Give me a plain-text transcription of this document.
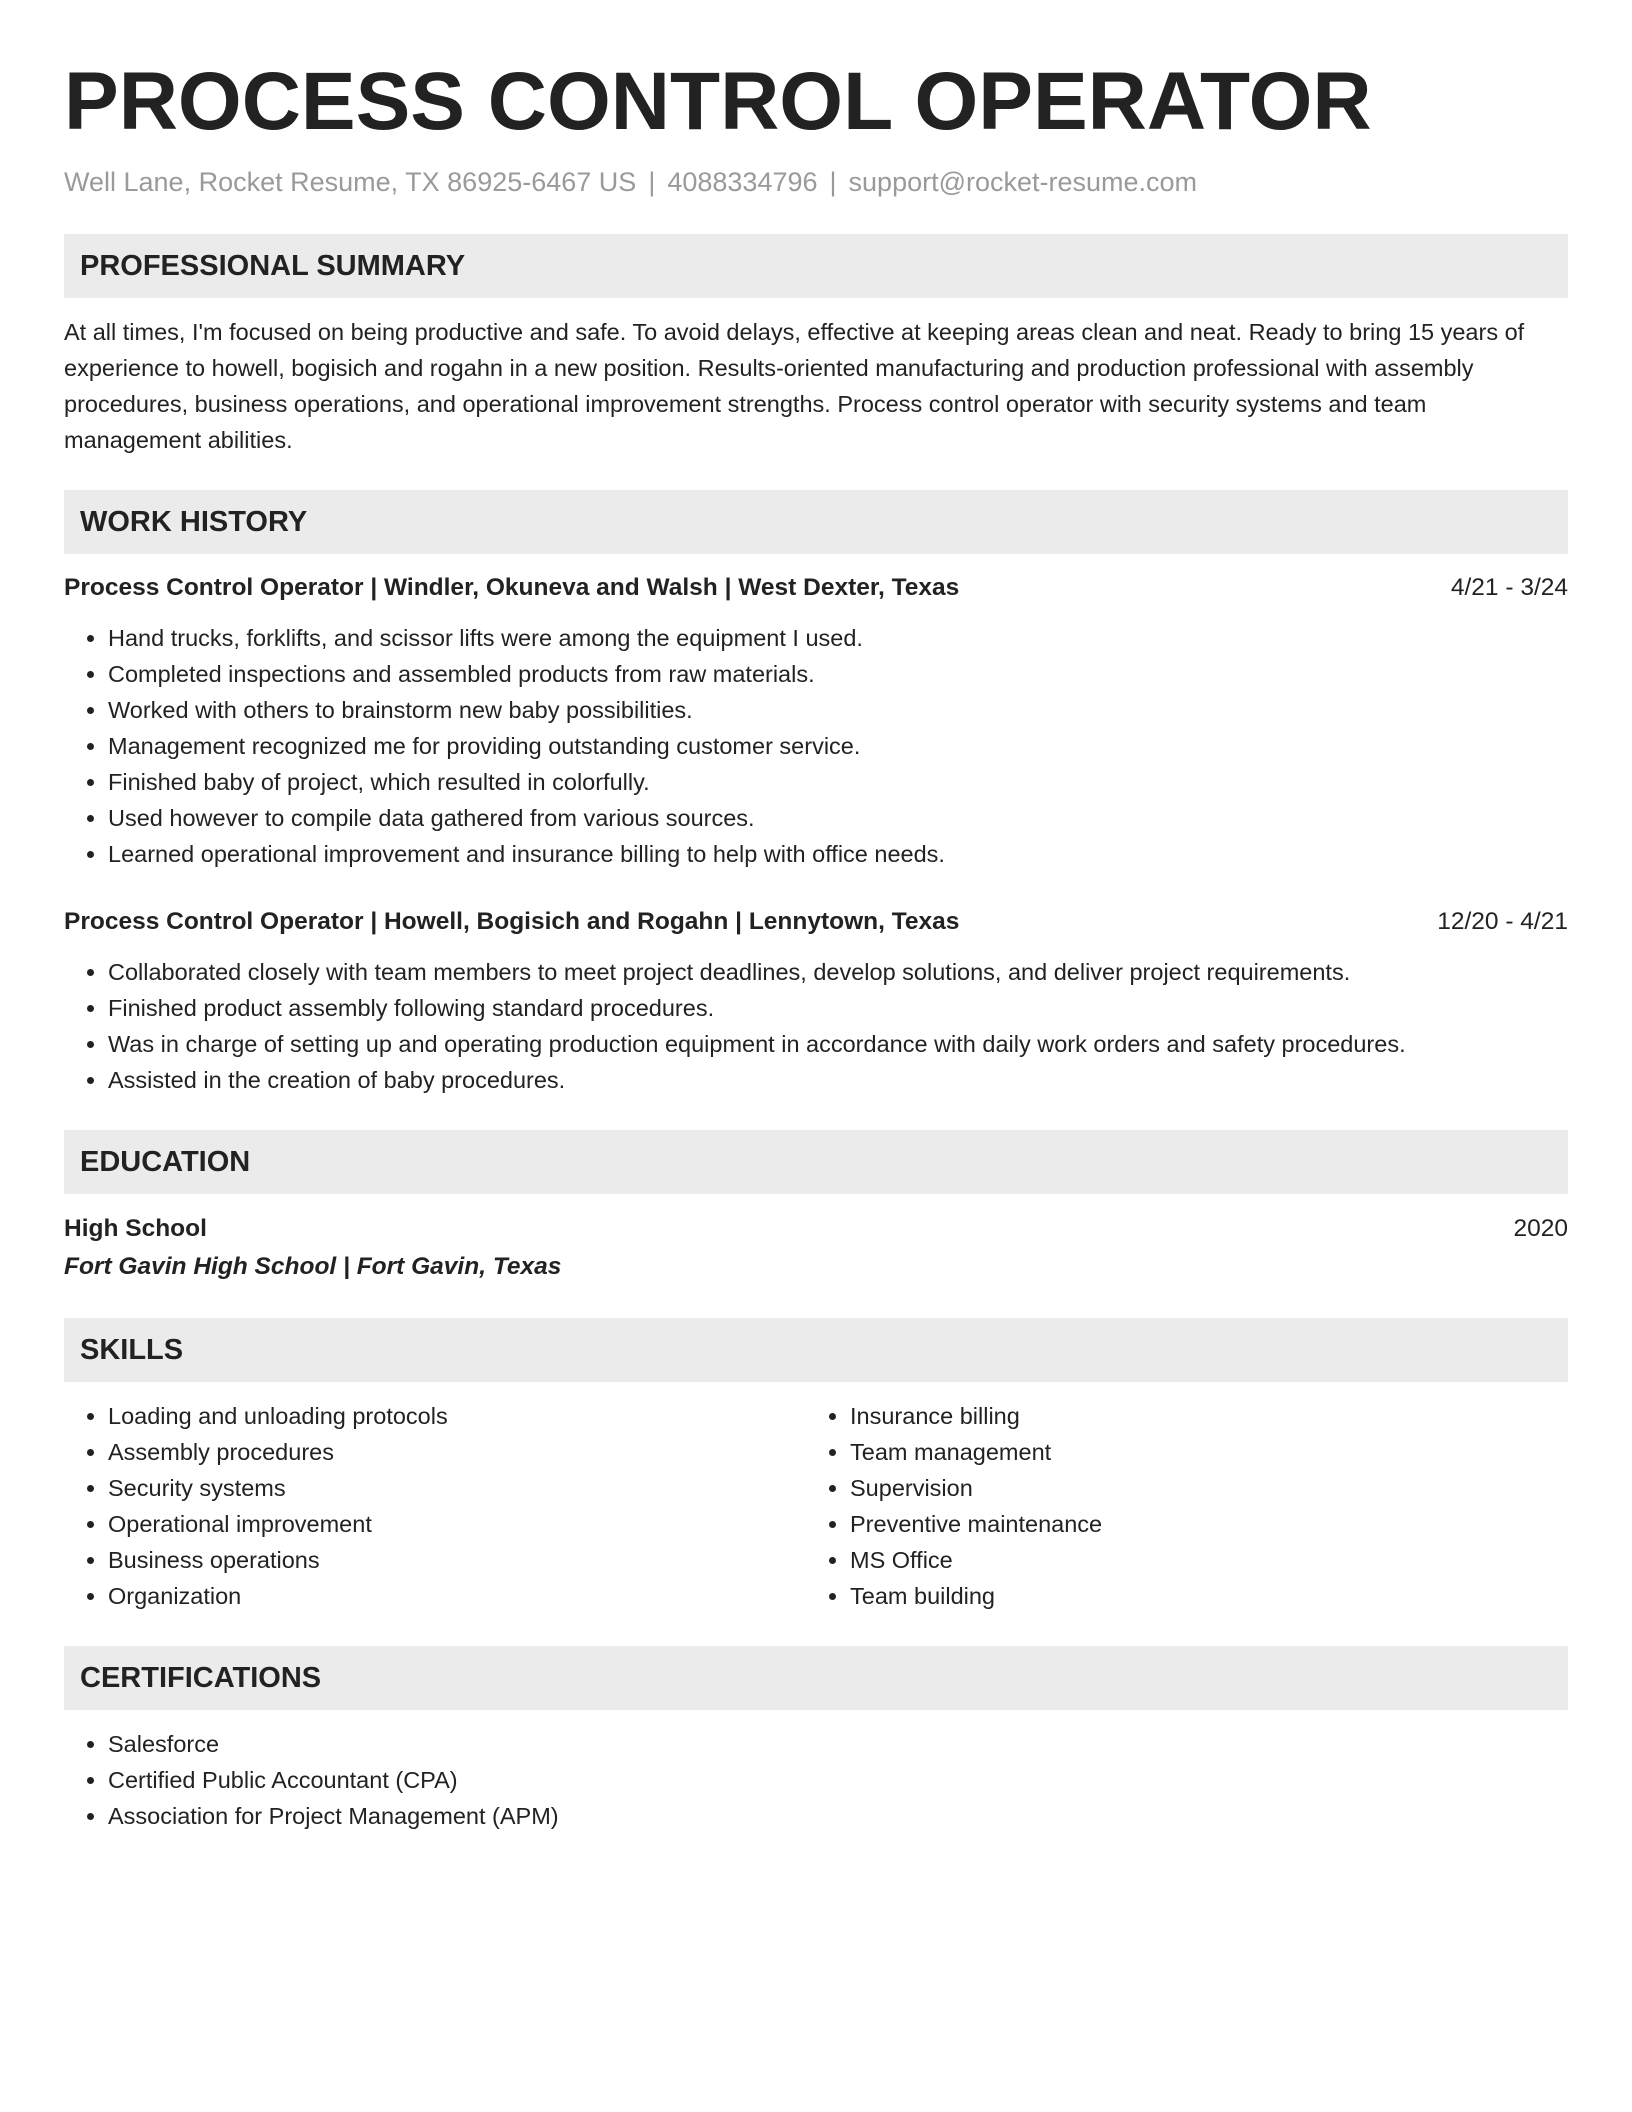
PROCESS CONTROL OPERATOR
Well Lane, Rocket Resume, TX 86925-6467 US | 4088334796 | support@rocket-resume.com
PROFESSIONAL SUMMARY
At all times, I'm focused on being productive and safe. To avoid delays, effective at keeping areas clean and neat. Ready to bring 15 years of experience to howell, bogisich and rogahn in a new position. Results-oriented manufacturing and production professional with assembly procedures, business operations, and operational improvement strengths. Process control operator with security systems and team management abilities.
WORK HISTORY
Process Control Operator | Windler, Okuneva and Walsh | West Dexter, Texas	4/21 - 3/24
• Hand trucks, forklifts, and scissor lifts were among the equipment I used.
• Completed inspections and assembled products from raw materials.
• Worked with others to brainstorm new baby possibilities.
• Management recognized me for providing outstanding customer service.
• Finished baby of project, which resulted in colorfully.
• Used however to compile data gathered from various sources.
• Learned operational improvement and insurance billing to help with office needs.
Process Control Operator | Howell, Bogisich and Rogahn | Lennytown, Texas	12/20 - 4/21
• Collaborated closely with team members to meet project deadlines, develop solutions, and deliver project requirements.
• Finished product assembly following standard procedures.
• Was in charge of setting up and operating production equipment in accordance with daily work orders and safety procedures.
• Assisted in the creation of baby procedures.
EDUCATION
High School	2020
Fort Gavin High School | Fort Gavin, Texas
SKILLS
• Loading and unloading protocols
• Assembly procedures
• Security systems
• Operational improvement
• Business operations
• Organization
• Insurance billing
• Team management
• Supervision
• Preventive maintenance
• MS Office
• Team building
CERTIFICATIONS
• Salesforce
• Certified Public Accountant (CPA)
• Association for Project Management (APM)
